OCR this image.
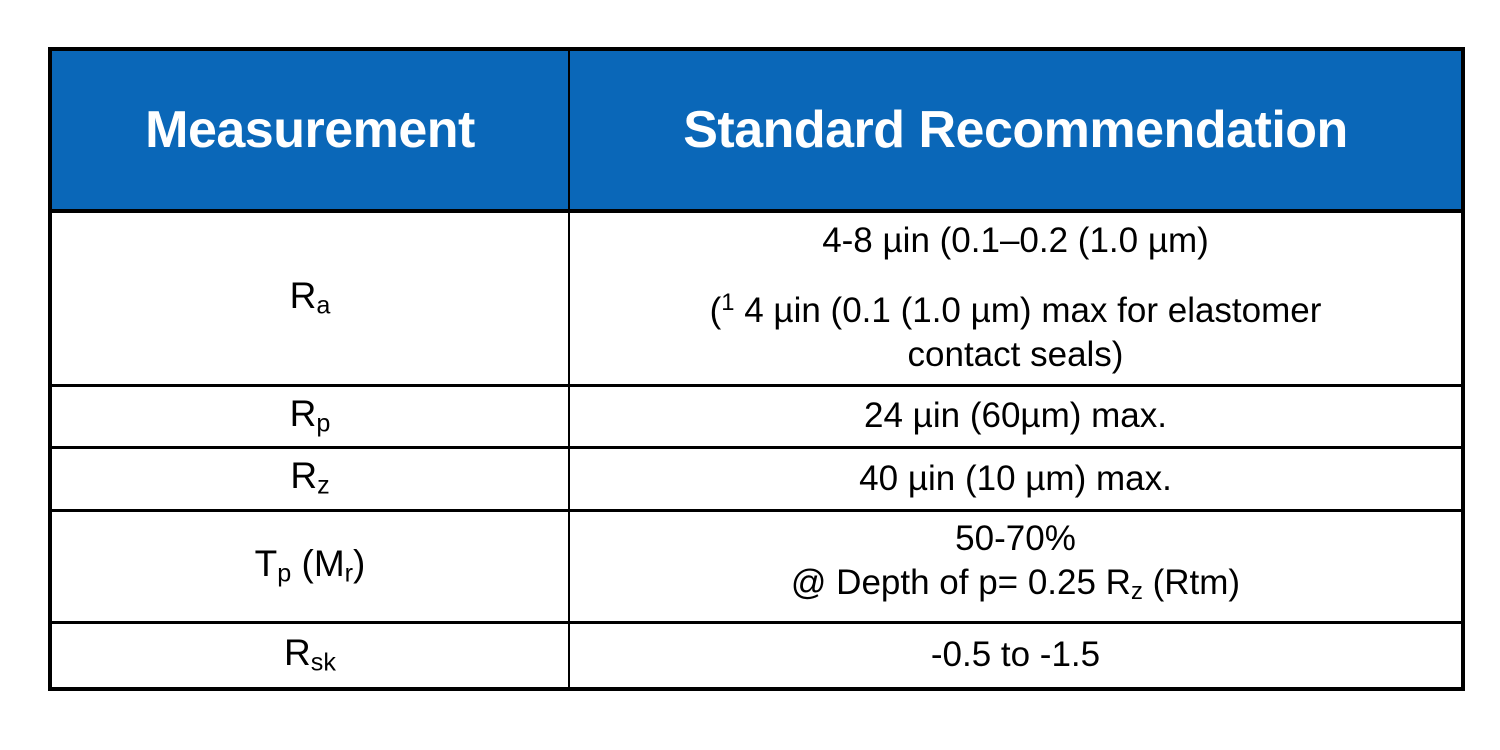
Measurement	Standard Recommendation
$R_a$	4-8 µin (0.1–0.2 (1.0 µm)
($^1$ 4 µin (0.1 (1.0 µm) max for elastomer
contact seals)

$R_p$	24 µin (60µm) max.

$R_z$	40 µin (10 µm) max.

$T_p$ $(M_r)$	50-70%
@ Depth of p= 0.25 $R_z$ (Rtm)

$R_{sk}$	-0.5 to -1.5
